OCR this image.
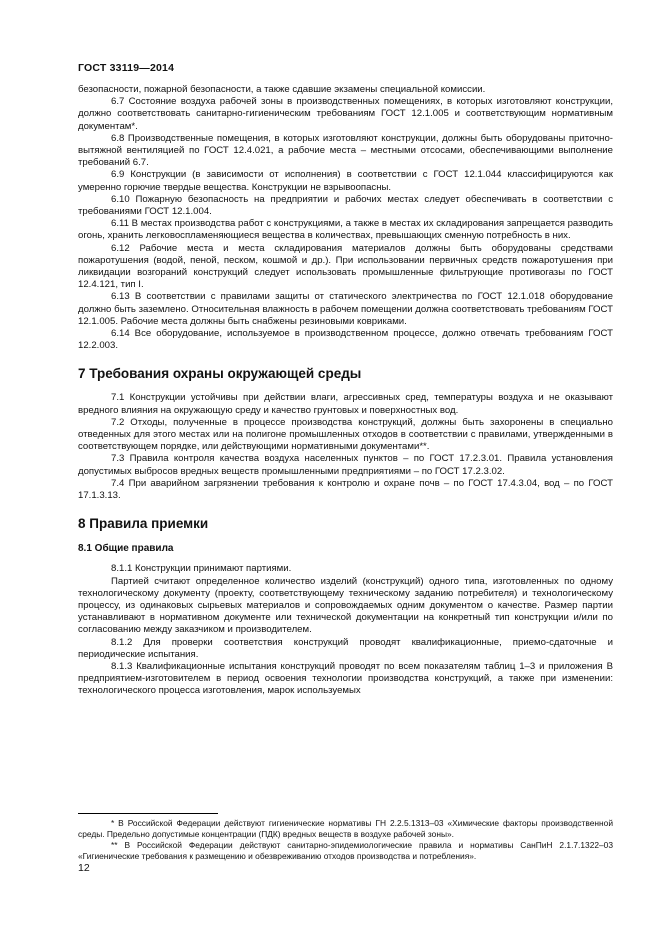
ГОСТ 33119—2014

безопасности, пожарной безопасности, а также сдавшие экзамены специальной комиссии.

6.7 Состояние воздуха рабочей зоны в производственных помещениях, в которых изготовляют конструкции, должно соответствовать санитарно-гигиеническим требованиям ГОСТ 12.1.005 и соответствующим нормативным документам*.

6.8 Производственные помещения, в которых изготовляют конструкции, должны быть оборудованы приточно-вытяжной вентиляцией по ГОСТ 12.4.021, а рабочие места – местными отсосами, обеспечивающими выполнение требований 6.7.

6.9 Конструкции (в зависимости от исполнения) в соответствии с ГОСТ 12.1.044 классифицируются как умеренно горючие твердые вещества. Конструкции не взрывоопасны.

6.10 Пожарную безопасность на предприятии и рабочих местах следует обеспечивать в соответствии с требованиями ГОСТ 12.1.004.

6.11 В местах производства работ с конструкциями, а также в местах их складирования запрещается разводить огонь, хранить легковоспламеняющиеся вещества в количествах, превышающих сменную потребность в них.

6.12 Рабочие места и места складирования материалов должны быть оборудованы средствами пожаротушения (водой, пеной, песком, кошмой и др.). При использовании первичных средств пожаротушения при ликвидации возгораний конструкций следует использовать промышленные фильтрующие противогазы по ГОСТ 12.4.121, тип I.

6.13 В соответствии с правилами защиты от статического электричества по ГОСТ 12.1.018 оборудование должно быть заземлено. Относительная влажность в рабочем помещении должна соответствовать требованиям ГОСТ 12.1.005. Рабочие места должны быть снабжены резиновыми ковриками.

6.14 Все оборудование, используемое в производственном процессе, должно отвечать требованиям ГОСТ 12.2.003.

7 Требования охраны окружающей среды

7.1 Конструкции устойчивы при действии влаги, агрессивных сред, температуры воздуха и не оказывают вредного влияния на окружающую среду и качество грунтовых и поверхностных вод.

7.2 Отходы, полученные в процессе производства конструкций, должны быть захоронены в специально отведенных для этого местах или на полигоне промышленных отходов в соответствии с правилами, утвержденными в соответствующем порядке, или действующими нормативными документами**.

7.3 Правила контроля качества воздуха населенных пунктов – по ГОСТ 17.2.3.01. Правила установления допустимых выбросов вредных веществ промышленными предприятиями – по ГОСТ 17.2.3.02.

7.4 При аварийном загрязнении требования к контролю и охране почв – по ГОСТ 17.4.3.04, вод – по ГОСТ 17.1.3.13.

8 Правила приемки
8.1 Общие правила

8.1.1 Конструкции принимают партиями.

Партией считают определенное количество изделий (конструкций) одного типа, изготовленных по одному технологическому документу (проекту, соответствующему техническому заданию потребителя) и технологическому процессу, из одинаковых сырьевых материалов и сопровождаемых одним документом о качестве. Размер партии устанавливают в нормативном документе или технической документации на конкретный тип конструкции и/или по согласованию между заказчиком и производителем.

8.1.2 Для проверки соответствия конструкций проводят квалификационные, приемо-сдаточные и периодические испытания.

8.1.3 Квалификационные испытания конструкций проводят по всем показателям таблиц 1–3 и приложения В предприятием-изготовителем в период освоения технологии производства конструкций, а также при изменении: технологического процесса изготовления, марок используемых

* В Российской Федерации действуют гигиенические нормативы ГН 2.2.5.1313–03 «Химические факторы производственной среды. Предельно допустимые концентрации (ПДК) вредных веществ в воздухе рабочей зоны».

** В Российской Федерации действуют санитарно-эпидемиологические правила и нормативы СанПиН 2.1.7.1322–03 «Гигиенические требования к размещению и обезвреживанию отходов производства и потребления».

12
